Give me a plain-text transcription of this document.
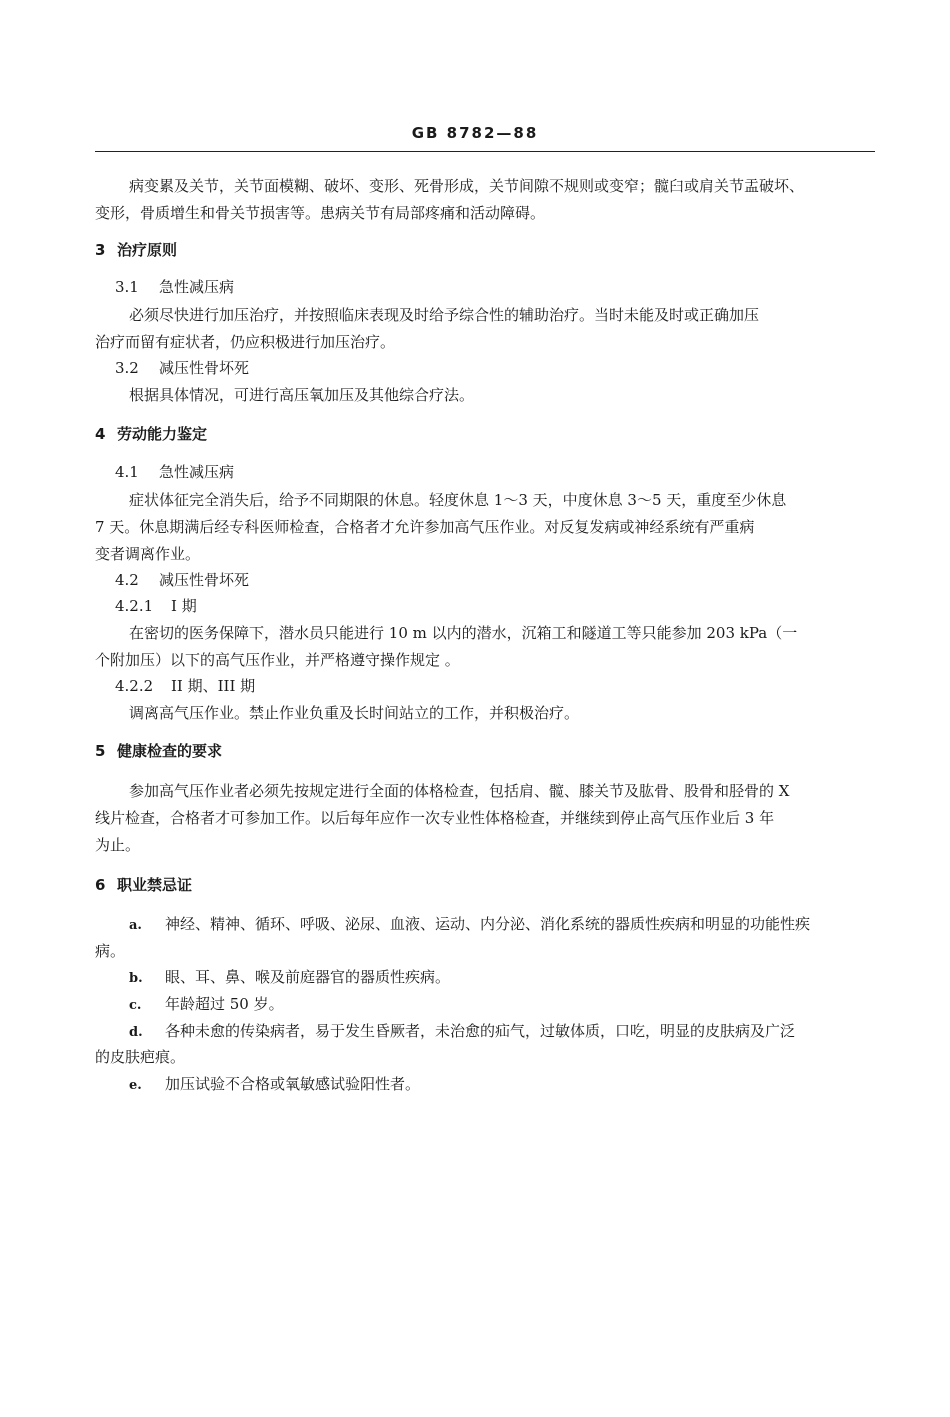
GB 8782—88
病变累及关节，关节面模糊、破坏、变形、死骨形成，关节间隙不规则或变窄；髋臼或肩关节盂破坏、
变形，骨质增生和骨关节损害等。患病关节有局部疼痛和活动障碍。
3 治疗原则
3.1 急性减压病
必须尽快进行加压治疗，并按照临床表现及时给予综合性的辅助治疗。当时未能及时或正确加压
治疗而留有症状者，仍应积极进行加压治疗。
3.2 减压性骨坏死
根据具体情况，可进行高压氧加压及其他综合疗法。
4 劳动能力鉴定
4.1 急性减压病
症状体征完全消失后，给予不同期限的休息。轻度休息 1～3 天，中度休息 3～5 天，重度至少休息
7 天。休息期满后经专科医师检查，合格者才允许参加高气压作业。对反复发病或神经系统有严重病
变者调离作业。
4.2 减压性骨坏死
4.2.1 I 期
在密切的医务保障下，潜水员只能进行 10 m 以内的潜水，沉箱工和隧道工等只能参加 203 kPa（一
个附加压）以下的高气压作业，并严格遵守操作规定 。
4.2.2 II 期、III 期
调离高气压作业。禁止作业负重及长时间站立的工作，并积极治疗。
5 健康检查的要求
参加高气压作业者必须先按规定进行全面的体格检查，包括肩、髋、膝关节及肱骨、股骨和胫骨的 X
线片检查，合格者才可参加工作。以后每年应作一次专业性体格检查，并继续到停止高气压作业后 3 年
为止。
6 职业禁忌证
a. 神经、精神、循环、呼吸、泌尿、血液、运动、内分泌、消化系统的器质性疾病和明显的功能性疾
病。
b. 眼、耳、鼻、喉及前庭器官的器质性疾病。
c. 年龄超过 50 岁。
d. 各种未愈的传染病者，易于发生昏厥者，未治愈的疝气，过敏体质，口吃，明显的皮肤病及广泛
的皮肤疤痕。
e. 加压试验不合格或氧敏感试验阳性者。
